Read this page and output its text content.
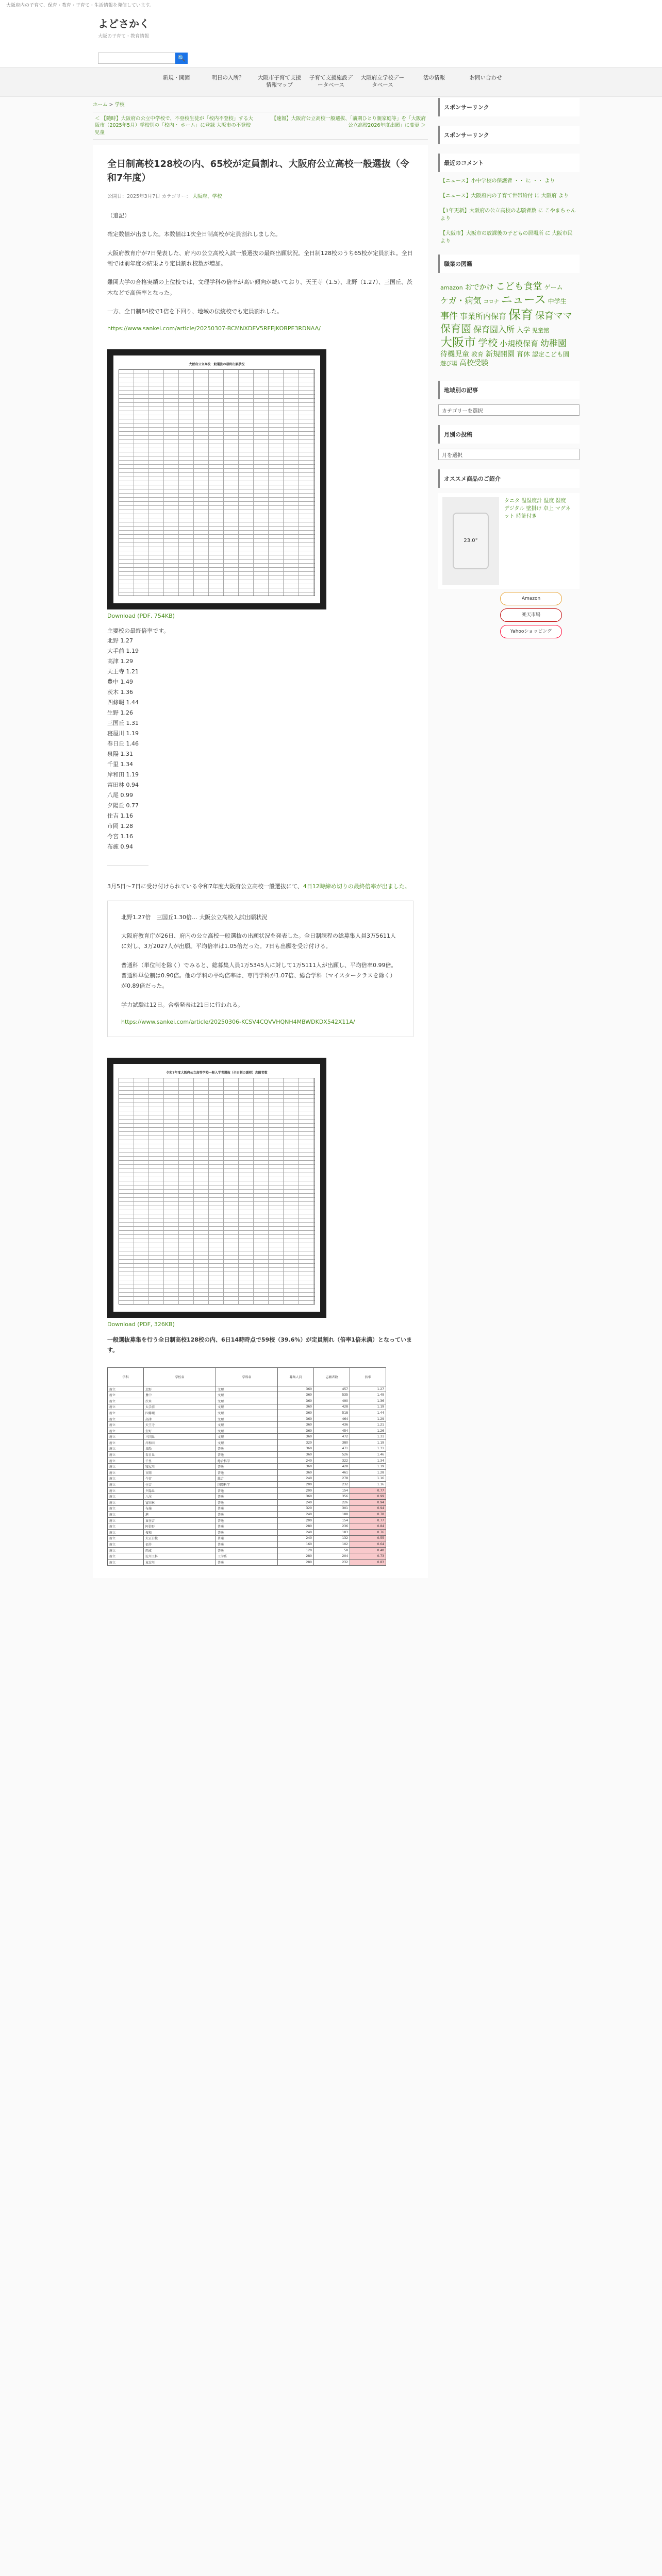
大阪府内の子育て、保育・教育・子育て・生活情報を発信しています。
よどさかく
大阪の子育て・教育情報
🔍
新規・開園	明日の入所？	大阪市子育て支援情報マップ
子育て支援施設データベース
大阪府立学校データベース
活の情報	お問い合わせ
ホーム > 学校
＜ 【随時】大阪府の公立中学校で、不登校生徒が「校内不登校」する大阪市（2025年5月）学校別の「校内・ ホーム」に登録 大阪市の不登校児童
【速報】大阪府公立高校一般選抜、「前期ひとり親家庭等」を「大阪府公立高校2026年度出願」に変更 ＞
全日制高校128校の内、65校が定員割れ、大阪府公立高校一般選抜（令和7年度）
公開日：2025年3月7日 カテゴリー： 大阪府、学校
（追記）
確定数値が出ました。本数値は1次全日制高校が定員割れしました。
大阪府教育庁が7日発表した、府内の公立高校入試一般選抜の最終出願状況。全日制128校のうち65校が定員割れ。全日制では前年度の結果より定員割れ校数が増加。
難関大学の合格実績の上位校では、文理学科の倍率が高い傾向が続いており、天王寺（1.5）、北野（1.27）、三国丘、茨木などで高倍率となった。
一方、全日制84校で1倍を下回り、地域の伝統校でも定員割れした。
https://www.sankei.com/article/20250307-BCMNXDEV5RFEJKOBPE3RDNAA/
大阪府公立高校一般選抜の最終出願状況
Download (PDF, 754KB)
主要校の最終倍率です。
北野 1.27
大手前 1.19
高津 1.29
天王寺 1.21
豊中 1.49
茨木 1.36
四條畷 1.44
生野 1.26
三国丘 1.31
寝屋川 1.19
春日丘 1.46
泉陽 1.31
千里 1.34
岸和田 1.19
富田林 0.94
八尾 0.99
夕陽丘 0.77
住吉 1.16
市岡 1.28
今宮 1.16
布施 0.94
3月5日〜7日に受け付けられている令和7年度大阪府公立高校一般選抜にて、4日12時締め切りの最終倍率が出ました。
北野1.27倍　三国丘1.30倍… 大阪公立高校入試出願状況
大阪府教育庁が26日、府内の公立高校一般選抜の出願状況を発表した。全日制課程の総募集人員3万5611人に対し、3万2027人が出願。平均倍率は1.05倍だった。7日も出願を受け付ける。
普通科（単位制を除く）でみると、総募集人員1万5345人に対して1万5111人が出願し、平均倍率0.99倍。普通科単位制は0.90倍。他の学科の平均倍率は、専門学科が1.07倍、総合学科（マイスタークラスを除く）が0.89倍だった。
学力試験は12日。合格発表は21日に行われる。
https://www.sankei.com/article/20250306-KCSV4CQVVHQNH4MBWDKDX542X11A/
令和7年度大阪府公立高等学校一般入学者選抜（全日制の課程）志願者数
Download (PDF, 326KB)
一般選抜募集を行う全日制高校128校の内、6日14時時点で59校（39.6%）が定員割れ（倍率1倍未満）となっています。
学科	学校名	学科名	募集人員	志願者数	倍率
府立	北野	文理	360	457	1.27
府立	豊中	文理	360	535	1.49
府立	茨木	文理	360	490	1.36
府立	大手前	文理	360	428	1.19
府立	四條畷	文理	360	518	1.44
府立	高津	文理	360	464	1.29
府立	天王寺	文理	360	436	1.21
府立	生野	文理	360	454	1.26
府立	三国丘	文理	360	472	1.31
府立	岸和田	文理	320	380	1.19
府立	泉陽	普通	360	471	1.31
府立	春日丘	普通	360	526	1.46
府立	千里	総合科学	240	322	1.34
府立	寝屋川	普通	360	428	1.19
府立	市岡	普通	360	461	1.28
府立	今宮	総合	240	278	1.16
府立	住吉	国際科学	200	232	1.16
府立	夕陽丘	普通	200	154	0.77
府立	八尾	普通	360	356	0.99
府立	富田林	普通	240	226	0.94
府立	布施	普通	320	301	0.94
府立	港	普通	240	188	0.78
府立	東住吉	普通	200	154	0.77
府立	阿倍野	普通	280	236	0.84
府立	桜和	普通	240	183	0.76
府立	大正白稜	普通	240	132	0.55
府立	福井	普通	160	102	0.64
府立	西成	普通	120	58	0.48
府立	淀川工科	工学系	280	204	0.73
府立	東淀川	普通	280	232	0.83
スポンサーリンク
スポンサーリンク
最近のコメント
【ニュース】小中学校の保護者 ・・ に ・・ より
【ニュース】大阪府内の子育て世帯給付 に 大阪府 より
【1年更新】大阪府の公立高校の志願者数 に こやまちゃん より
【大阪市】大阪市の放課後の子どもの居場所 に 大阪市民 より
職業の図鑑
amazon おでかけ こども食堂 ゲームケガ・病気 コロナ ニュース 中学生事件 事業所内保育 保育 保育ママ保育園 保育園入所 入学 児童館大阪市 学校 小規模保育 幼稚園待機児童 教育 新規開園 育休 認定こども園遊び場 高校受験
地域別の記事
カテゴリーを選択
月別の投稿
月を選択
オススメ商品のご紹介
23.0°
タニタ 温湿度計 温度 湿度 デジタル 壁掛け 卓上 マグネット 時計付き
Amazon
楽天市場
Yahooショッピング
